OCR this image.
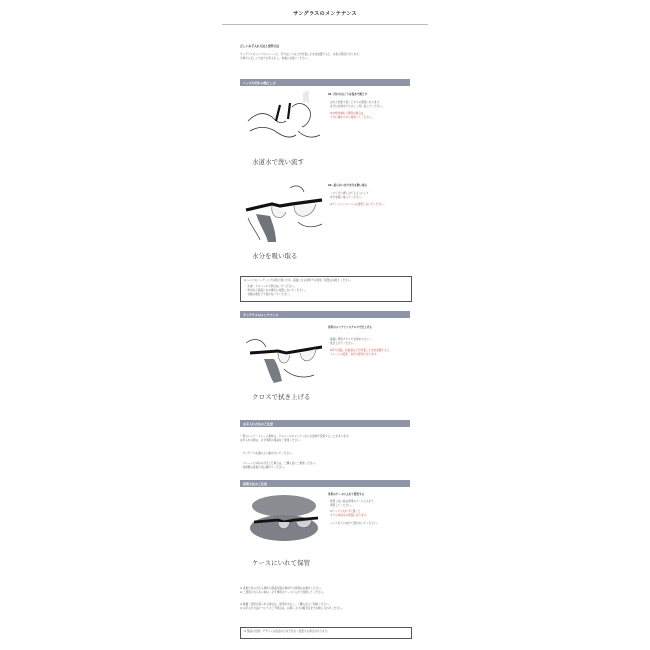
サングラスのメンテナンス
正しいお手入れ方法と保管方法
サングラスのレンズやフレームに、汗やほこりなどが付着したまま放置すると、劣化の原因になります。
日頃から正しい方法でお手入れし、快適にお使いください。
レンズの汚れの落とし方
01. 汚れやほこりを流水で落とす
汚れた状態で拭くとキズの原因になります。
まずは水道水でやさしく洗い流してください。
※中性洗剤をご使用の場合は、
十分に薄めてから使用してください。
水道水で洗い流す
02. 柔らかい布で水分を吸い取る
こすらずに押し当てるようにして
水分を吸い取ってください。
※ティッシュペーパーは使用しないでください。
水分を吸い取る
※ レンズのコーティングは熱に弱いため、高温になる場所での使用・保管はお控えください。
・ お湯・アルコールで洗わないでください。
・ 車内など高温になる場所に放置しないでください。
・ 衣服の裾などで拭かないでください。
サングラスのメンテナンス
専用のメンテナンスクロスで仕上げる
最後に専用クロスで全体をやさしく
拭き上げてください。
※汗や皮脂、化粧品などが付着したまま放置すると、
フレームの変色・劣化の原因になります。
クロスで拭き上げる
お手入れ方法のご注意
一部のレンズ・フレーム素材は、アルコールやシンナーなどの溶剤で変質することがあります。
お手入れの際は、必ず専用の用品をご使用ください。
・サングラスを頭の上に載せないでください。
・フレームにゆがみが生じた場合は、ご購入店にご相談ください。
・長時間の直射日光は避けてください。
保管方法のご注意
専用のケースに入れて保管する
使用しない時は専用のケースに入れて
保管してください。
※ケースに入れずに置くと、
キズやゆがみの原因になります。
レンズを下に向けて置かないでください。
ケースにいれて保管
※ 直射日光の当たる場所や高温多湿の場所での保管はお避けください。
※ ご使用にならない時は、必ず専用のケースに入れて保管してください。
※ 破損・変形が見られる場合は、使用を中止し、ご購入店にご相談ください。
※ お手入れ方法についてのご不明点は、お買い上げの販売店までお問い合わせください。
※ 製品の仕様・デザインは改良のため予告なく変更する場合があります。
